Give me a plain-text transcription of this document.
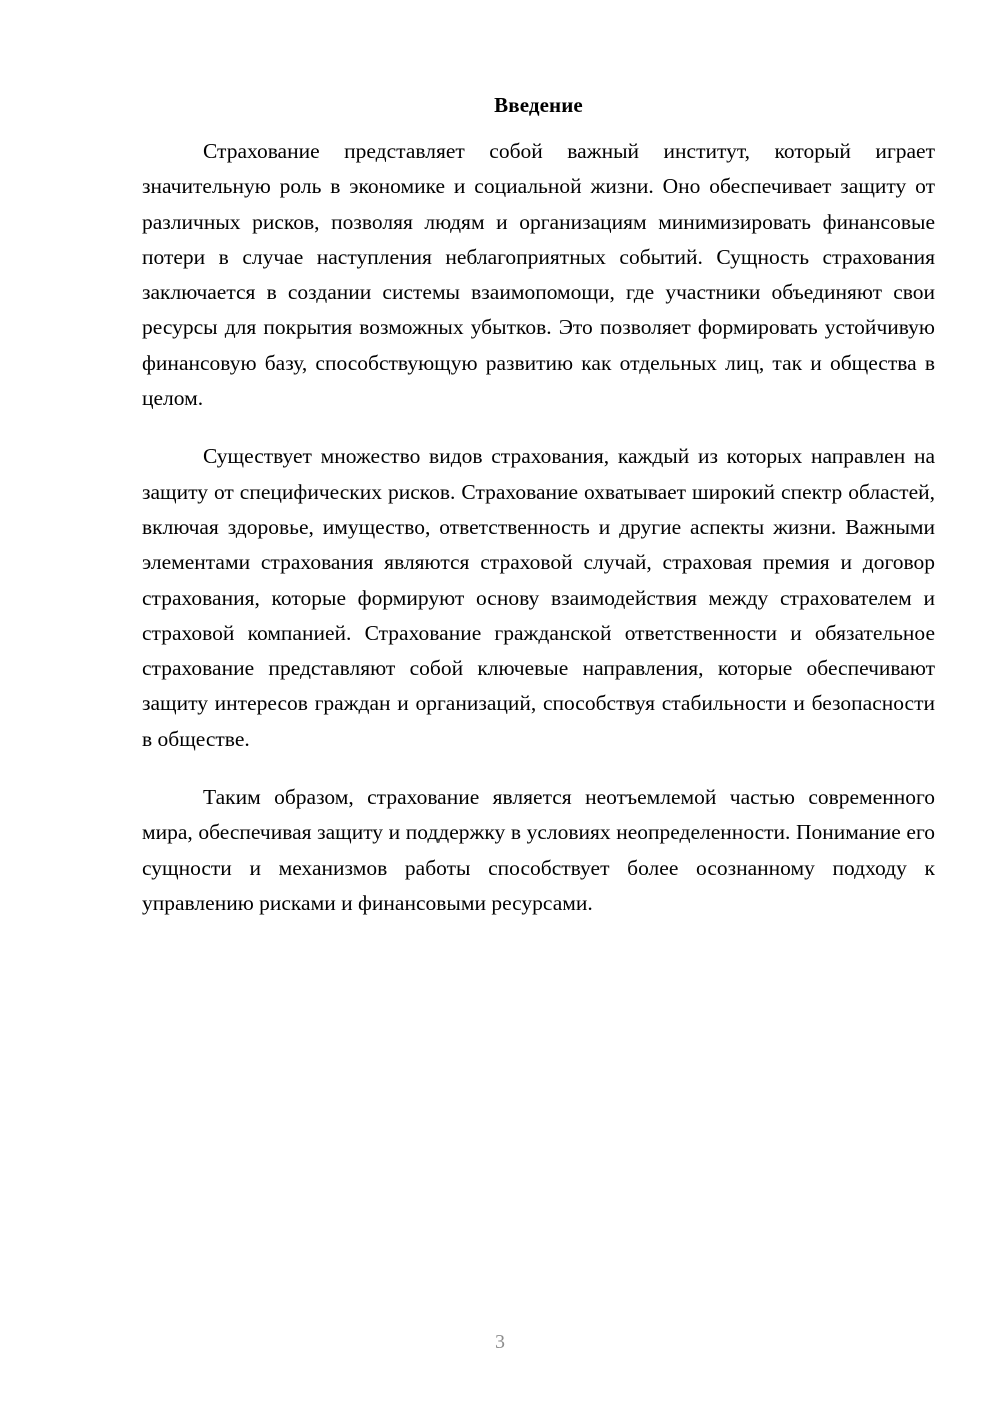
Введение

Страхование представляет собой важный институт, который играет значительную роль в экономике и социальной жизни. Оно обеспечивает защиту от различных рисков, позволяя людям и организациям минимизировать финансовые потери в случае наступления неблагоприятных событий. Сущность страхования заключается в создании системы взаимопомощи, где участники объединяют свои ресурсы для покрытия возможных убытков. Это позволяет формировать устойчивую финансовую базу, способствующую развитию как отдельных лиц, так и общества в целом.

Существует множество видов страхования, каждый из которых направлен на защиту от специфических рисков. Страхование охватывает широкий спектр областей, включая здоровье, имущество, ответственность и другие аспекты жизни. Важными элементами страхования являются страховой случай, страховая премия и договор страхования, которые формируют основу взаимодействия между страхователем и страховой компанией. Страхование гражданской ответственности и обязательное страхование представляют собой ключевые направления, которые обеспечивают защиту интересов граждан и организаций, способствуя стабильности и безопасности в обществе.

Таким образом, страхование является неотъемлемой частью современного мира, обеспечивая защиту и поддержку в условиях неопределенности. Понимание его сущности и механизмов работы способствует более осознанному подходу к управлению рисками и финансовыми ресурсами.

3
